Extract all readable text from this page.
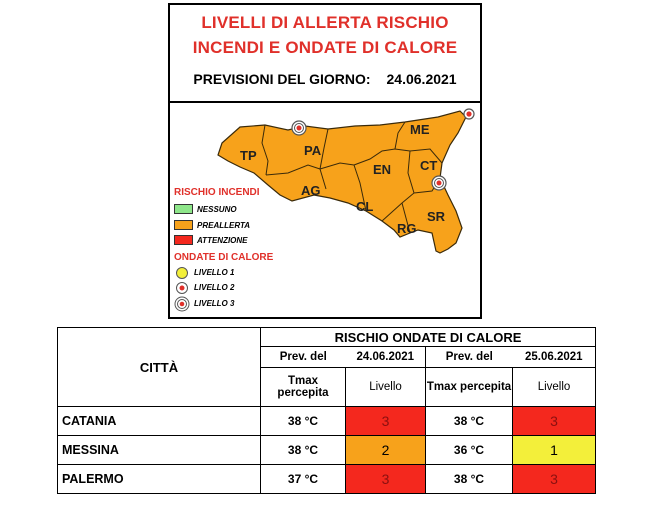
LIVELLI DI ALLERTA RISCHIO
INCENDI E ONDATE DI CALORE
PREVISIONI DEL GIORNO: 24.06.2021
TP	PA
ME
AG
EN CT
CL
SR
RG
RISCHIO INCENDI
NESSUNO
PREALLERTA
ATTENZIONE
ONDATE DI CALORE
LIVELLO 1
LIVELLO 2
LIVELLO 3
CITTÀ	RISCHIO ONDATE DI CALORE			
	Prev. del	24.06.2021	Prev. del	25.06.2021
	Tmax percepita	Livello	Tmax percepita	Livello
CATANIA	38 °C	3	38 °C	3
MESSINA	38 °C	2	36 °C	1
PALERMO	37 °C	3	38 °C	3
